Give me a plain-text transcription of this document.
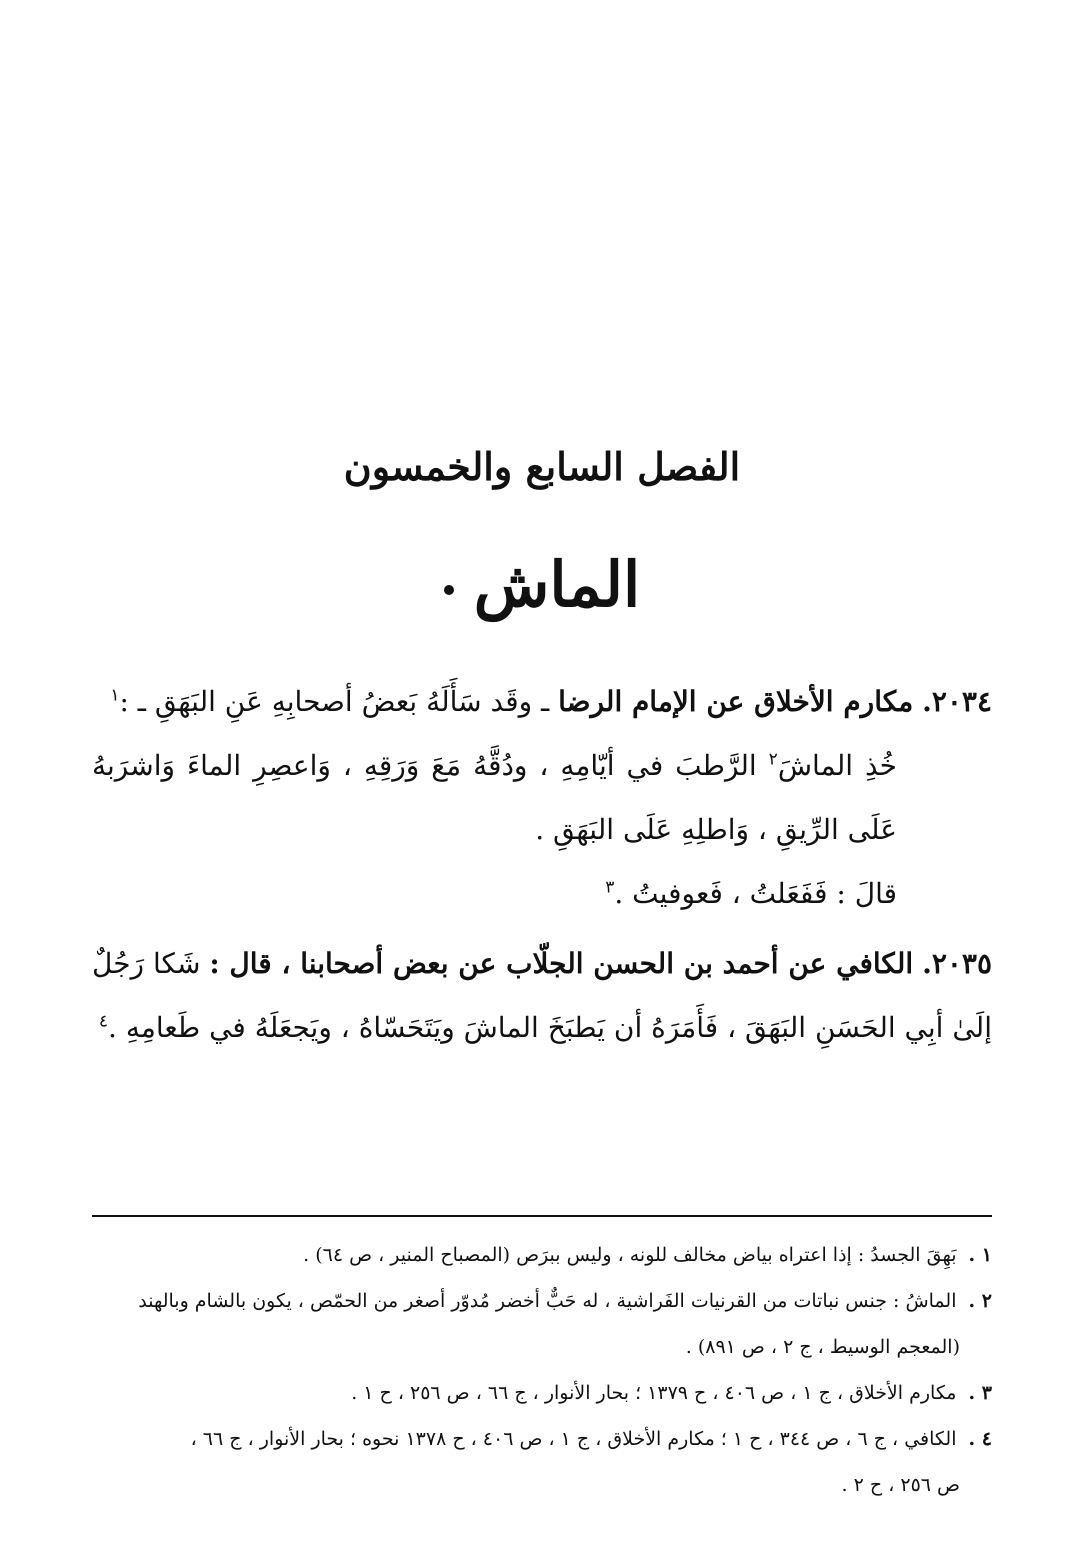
الفصل السابع والخمسون
الماش
٢٠٣٤. مكارم الأخلاق عن الإمام الرضا ـ وقَد سَأَلَهُ بَعضُ أصحابِهِ عَنِ البَهَقِ ـ :$^١$
خُذِ الماشَ$^٢$ الرَّطبَ في أيّامِهِ ، ودُقَّهُ مَعَ وَرَقِهِ ، وَاعصِرِ الماءَ وَاشرَبهُ عَلَى الرِّيقِ ، وَاطلِهِ عَلَى البَهَقِ .
قالَ : فَفَعَلتُ ، فَعوفيتُ .$^٣$
٢٠٣٥. الكافي عن أحمد بن الحسن الجلّاب عن بعض أصحابنا ، قال : شَكا رَجُلٌ إلَىٰ أبِي الحَسَنِ البَهَقَ ، فَأَمَرَهُ أن يَطبَخَ الماشَ ويَتَحَسّاهُ ، ويَجعَلَهُ في طَعامِهِ .$^٤$

١ . بَهِقَ الجسدُ : إذا اعتراه بياض مخالف للونه ، وليس ببرَص (المصباح المنير ، ص ٦٤) .

٢ . الماشُ : جنس نباتات من القرنيات الفَراشية ، له حَبٌّ أخضر مُدوّر أصغر من الحمّص ، يكون بالشام وبالهند

(المعجم الوسيط ، ج ٢ ، ص ٨٩١) .

٣ . مكارم الأخلاق ، ج ١ ، ص ٤٠٦ ، ح ١٣٧٩ ؛ بحار الأنوار ، ج ٦٦ ، ص ٢٥٦ ، ح ١ .

٤ . الكافي ، ج ٦ ، ص ٣٤٤ ، ح ١ ؛ مكارم الأخلاق ، ج ١ ، ص ٤٠٦ ، ح ١٣٧٨ نحوه ؛ بحار الأنوار ، ج ٦٦ ،

ص ٢٥٦ ، ح ٢ .
